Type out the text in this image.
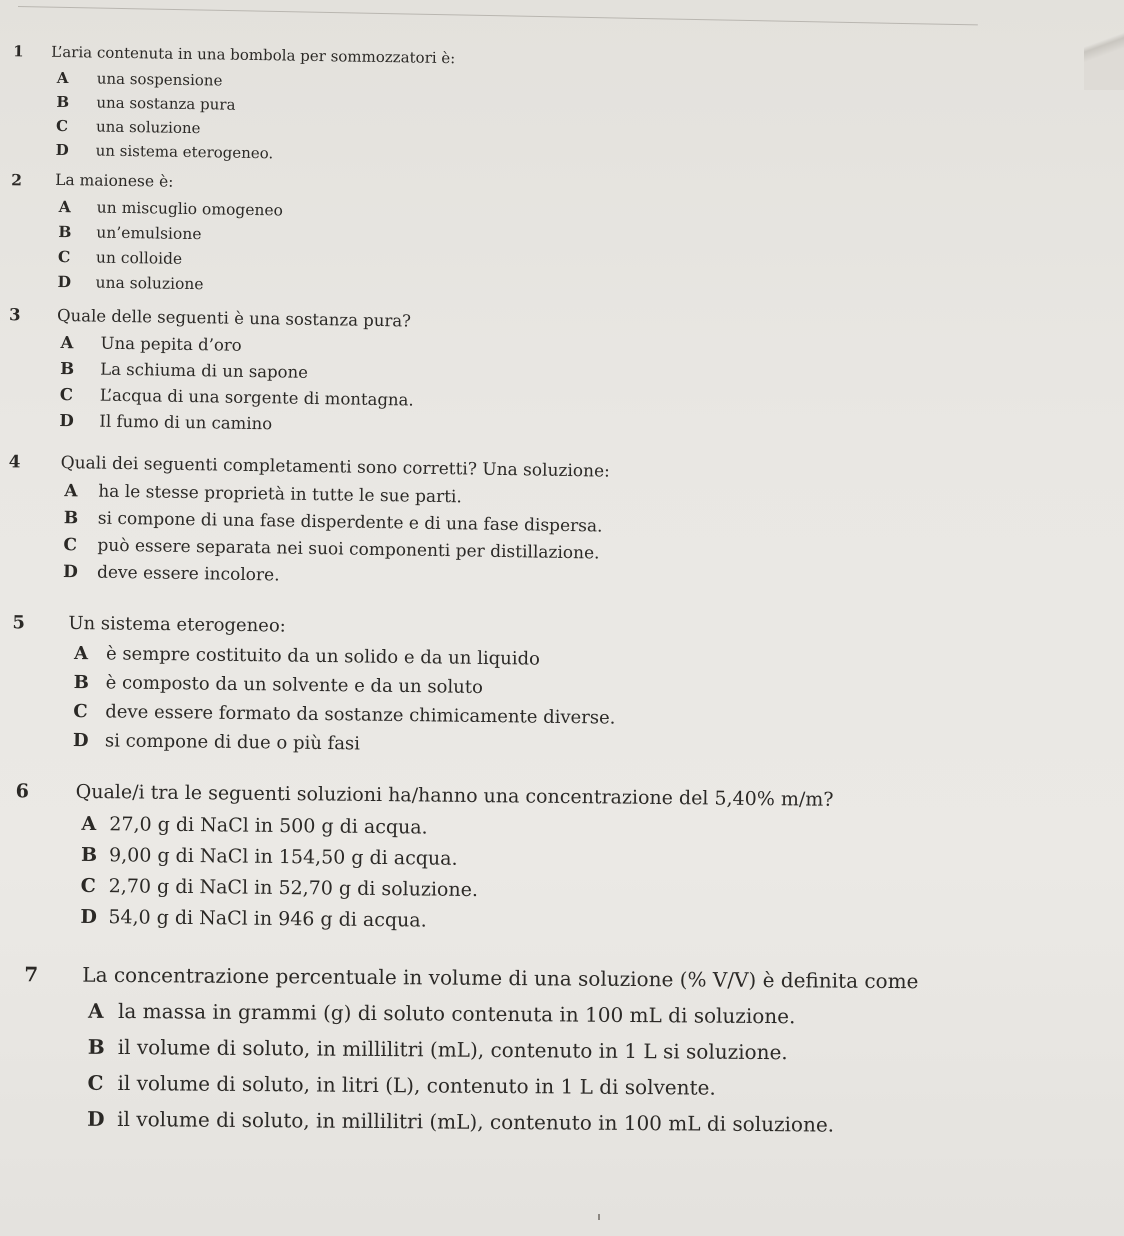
1 L’aria contenuta in una bombola per sommozzatori è:
A una sospensione
B una sostanza pura
C una soluzione
D un sistema eterogeneo.
2 La maionese è:
A un miscuglio omogeneo
B un’emulsione
C un colloide
D una soluzione
3 Quale delle seguenti è una sostanza pura?
A Una pepita d’oro
B La schiuma di un sapone
C L’acqua di una sorgente di montagna.
D Il fumo di un camino
4 Quali dei seguenti completamenti sono corretti? Una soluzione:
A ha le stesse proprietà in tutte le sue parti.
B si compone di una fase disperdente e di una fase dispersa.
C può essere separata nei suoi componenti per distillazione.
D deve essere incolore.
5 Un sistema eterogeneo:
A è sempre costituito da un solido e da un liquido
B è composto da un solvente e da un soluto
C deve essere formato da sostanze chimicamente diverse.
D si compone di due o più fasi
6 Quale/i tra le seguenti soluzioni ha/hanno una concentrazione del 5,40% m/m?
A 27,0 g di NaCl in 500 g di acqua.
B 9,00 g di NaCl in 154,50 g di acqua.
C 2,70 g di NaCl in 52,70 g di soluzione.
D 54,0 g di NaCl in 946 g di acqua.
7 La concentrazione percentuale in volume di una soluzione (% V/V) è definita come
A la massa in grammi (g) di soluto contenuta in 100 mL di soluzione.
B il volume di soluto, in millilitri (mL), contenuto in 1 L si soluzione.
C il volume di soluto, in litri (L), contenuto in 1 L di solvente.
D il volume di soluto, in millilitri (mL), contenuto in 100 mL di soluzione.
